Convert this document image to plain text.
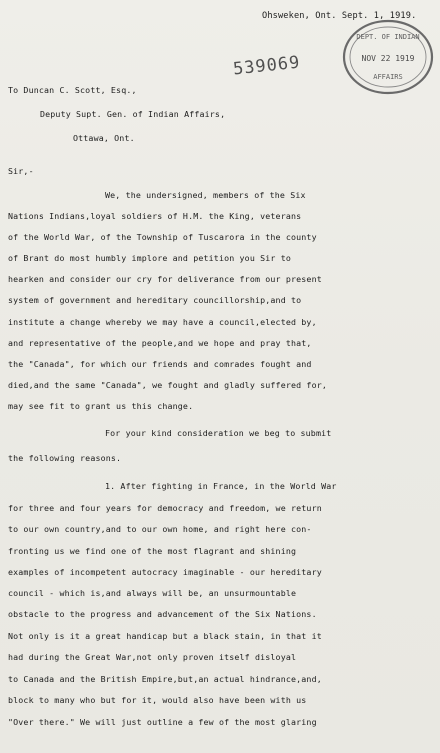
Ohsweken, Ont. Sept. 1, 1919.
539069
DEPT. OF INDIAN
NOV 22 1919
AFFAIRS
To Duncan C. Scott, Esq.,
Deputy Supt. Gen. of Indian Affairs,
Ottawa, Ont.
Sir,-
We, the undersigned, members of the Six
Nations Indians,loyal soldiers of H.M. the King, veterans
of the World War, of the Township of Tuscarora in the county
of Brant do most humbly implore and petition you Sir to
hearken and consider our cry for deliverance from our present
system of government and hereditary councillorship,and to
institute a change whereby we may have a council,elected by,
and representative of the people,and we hope and pray that,
the "Canada", for which our friends and comrades fought and
died,and the same "Canada", we fought and gladly suffered for,
may see fit to grant us this change.
For your kind consideration we beg to submit
the following reasons.
1. After fighting in France, in the World War
for three and four years for democracy and freedom, we return
to our own country,and to our own home, and right here con-
fronting us we find one of the most flagrant and shining
examples of incompetent autocracy imaginable - our hereditary
council - which is,and always will be, an unsurmountable
obstacle to the progress and advancement of the Six Nations.
Not only is it a great handicap but a black stain, in that it
had during the Great War,not only proven itself disloyal
to Canada and the British Empire,but,an actual hindrance,and,
block to many who but for it, would also have been with us
"Over there." We will just outline a few of the most glaring
